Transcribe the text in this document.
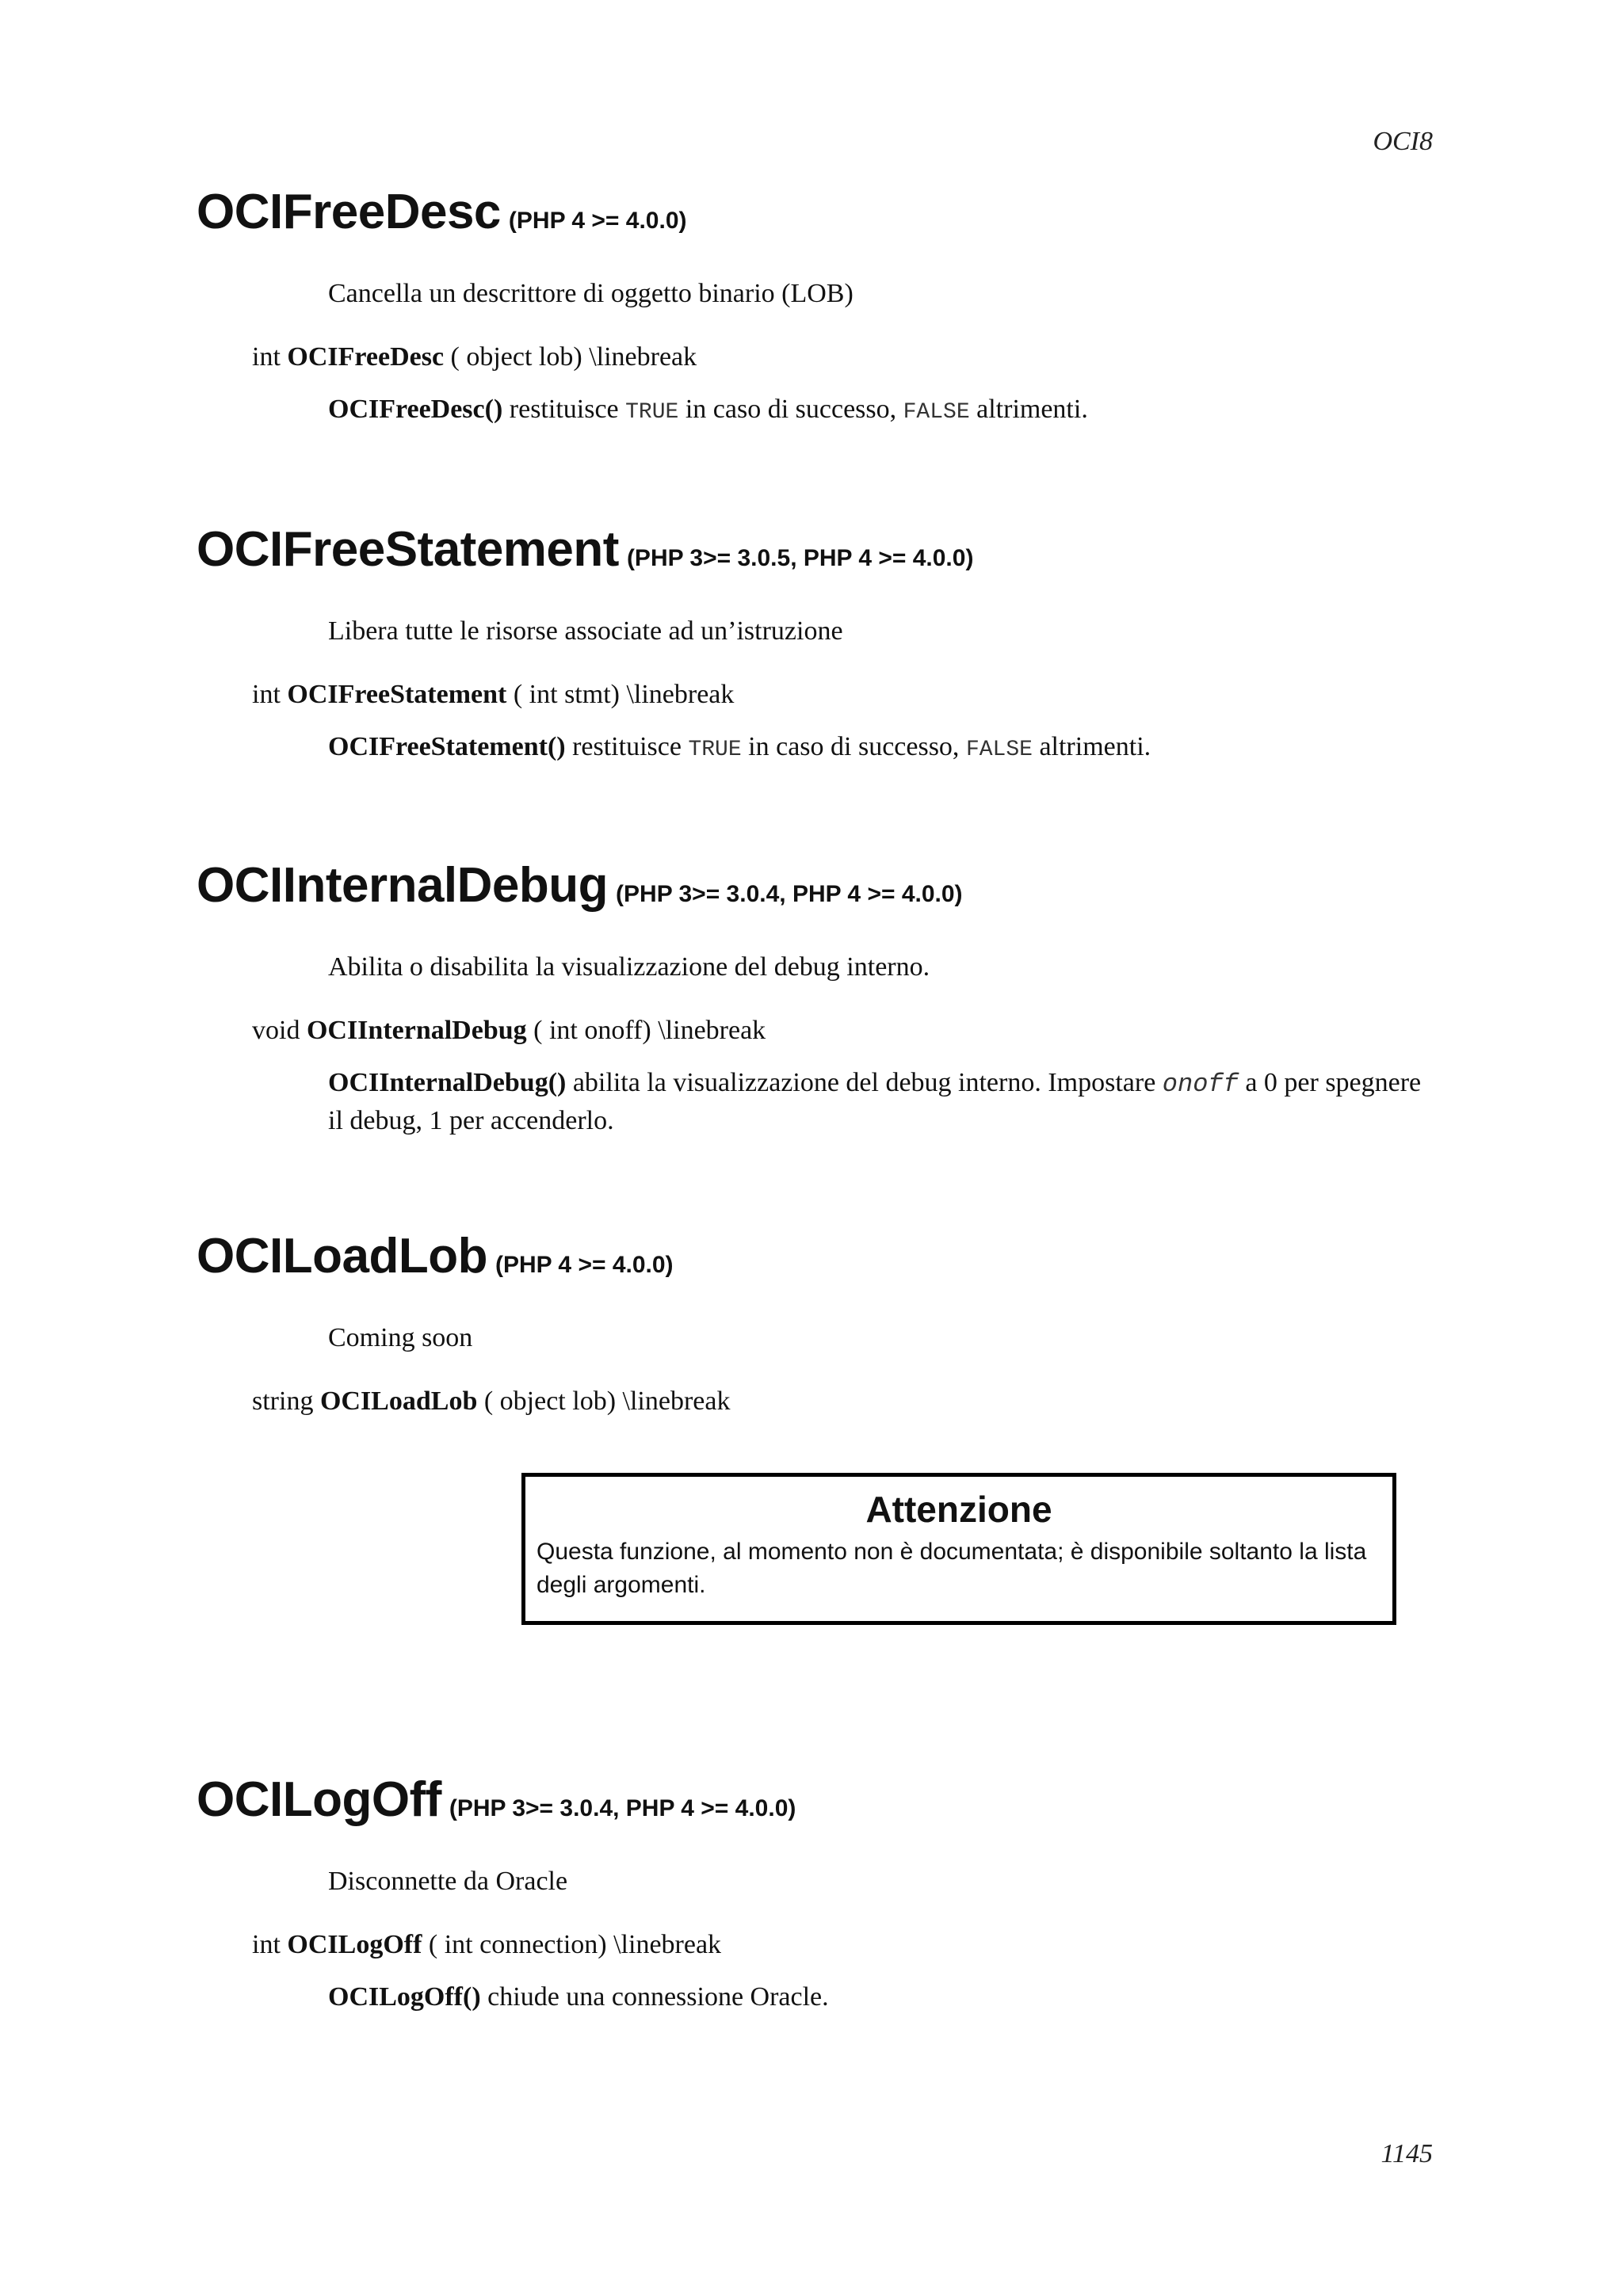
OCI8
OCIFreeDesc (PHP 4 >= 4.0.0)

Cancella un descrittore di oggetto binario (LOB)

int OCIFreeDesc ( object lob) \linebreak

OCIFreeDesc() restituisce TRUE in caso di successo, FALSE altrimenti.

OCIFreeStatement (PHP 3>= 3.0.5, PHP 4 >= 4.0.0)

Libera tutte le risorse associate ad un’istruzione

int OCIFreeStatement ( int stmt) \linebreak

OCIFreeStatement() restituisce TRUE in caso di successo, FALSE altrimenti.

OCIInternalDebug (PHP 3>= 3.0.4, PHP 4 >= 4.0.0)

Abilita o disabilita la visualizzazione del debug interno.

void OCIInternalDebug ( int onoff) \linebreak

OCIInternalDebug() abilita la visualizzazione del debug interno. Impostare onoff a 0 per spegnere il debug, 1 per accenderlo.

OCILoadLob (PHP 4 >= 4.0.0)

Coming soon

string OCILoadLob ( object lob) \linebreak

Attenzione

Questa funzione, al momento non è documentata; è disponibile soltanto la lista degli argomenti.

OCILogOff (PHP 3>= 3.0.4, PHP 4 >= 4.0.0)

Disconnette da Oracle

int OCILogOff ( int connection) \linebreak

OCILogOff() chiude una connessione Oracle.

1145
